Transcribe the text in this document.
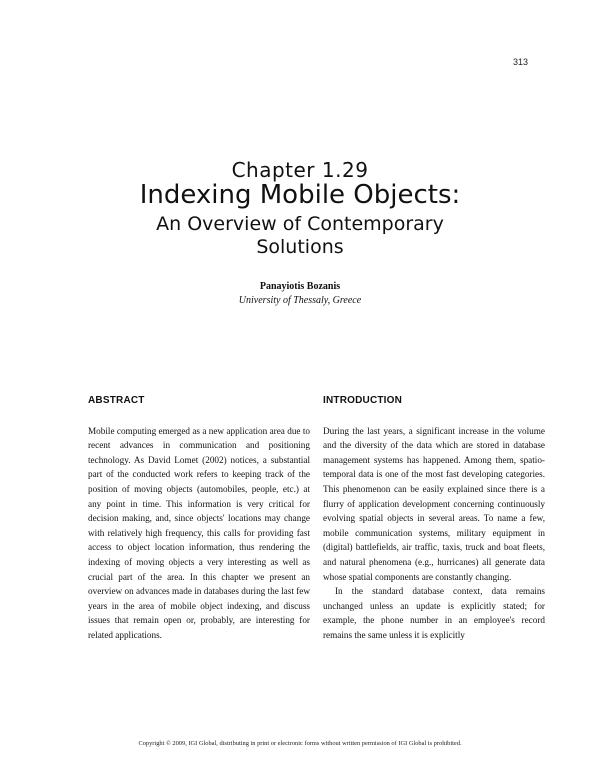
313
Chapter 1.29
Indexing Mobile Objects:
An Overview of Contemporary
Solutions
Panayiotis Bozanis
University of Thessaly, Greece
ABSTRACT

Mobile computing emerged as a new application area due to recent advances in communication and positioning technology. As David Lomet (2002) notices, a substantial part of the conducted work refers to keeping track of the position of moving objects (automobiles, people, etc.) at any point in time. This information is very critical for decision making, and, since objects' locations may change with relatively high frequency, this calls for providing fast access to object location information, thus rendering the indexing of moving objects a very interesting as well as crucial part of the area. In this chapter we present an overview on advances made in databases during the last few years in the area of mobile object indexing, and discuss issues that remain open or, probably, are interesting for related applications.

INTRODUCTION

During the last years, a significant increase in the volume and the diversity of the data which are stored in database management systems has happened. Among them, spatio-temporal data is one of the most fast developing categories. This phenomenon can be easily explained since there is a flurry of application development concerning continuously evolving spatial objects in several areas. To name a few, mobile communication systems, military equipment in (digital) battlefields, air traffic, taxis, truck and boat fleets, and natural phenomena (e.g., hurricanes) all generate data whose spatial components are constantly changing.

In the standard database context, data remains unchanged unless an update is explicitly stated; for example, the phone number in an employee's record remains the same unless it is explicitly

Copyright © 2009, IGI Global, distributing in print or electronic forms without written permission of IGI Global is prohibited.
